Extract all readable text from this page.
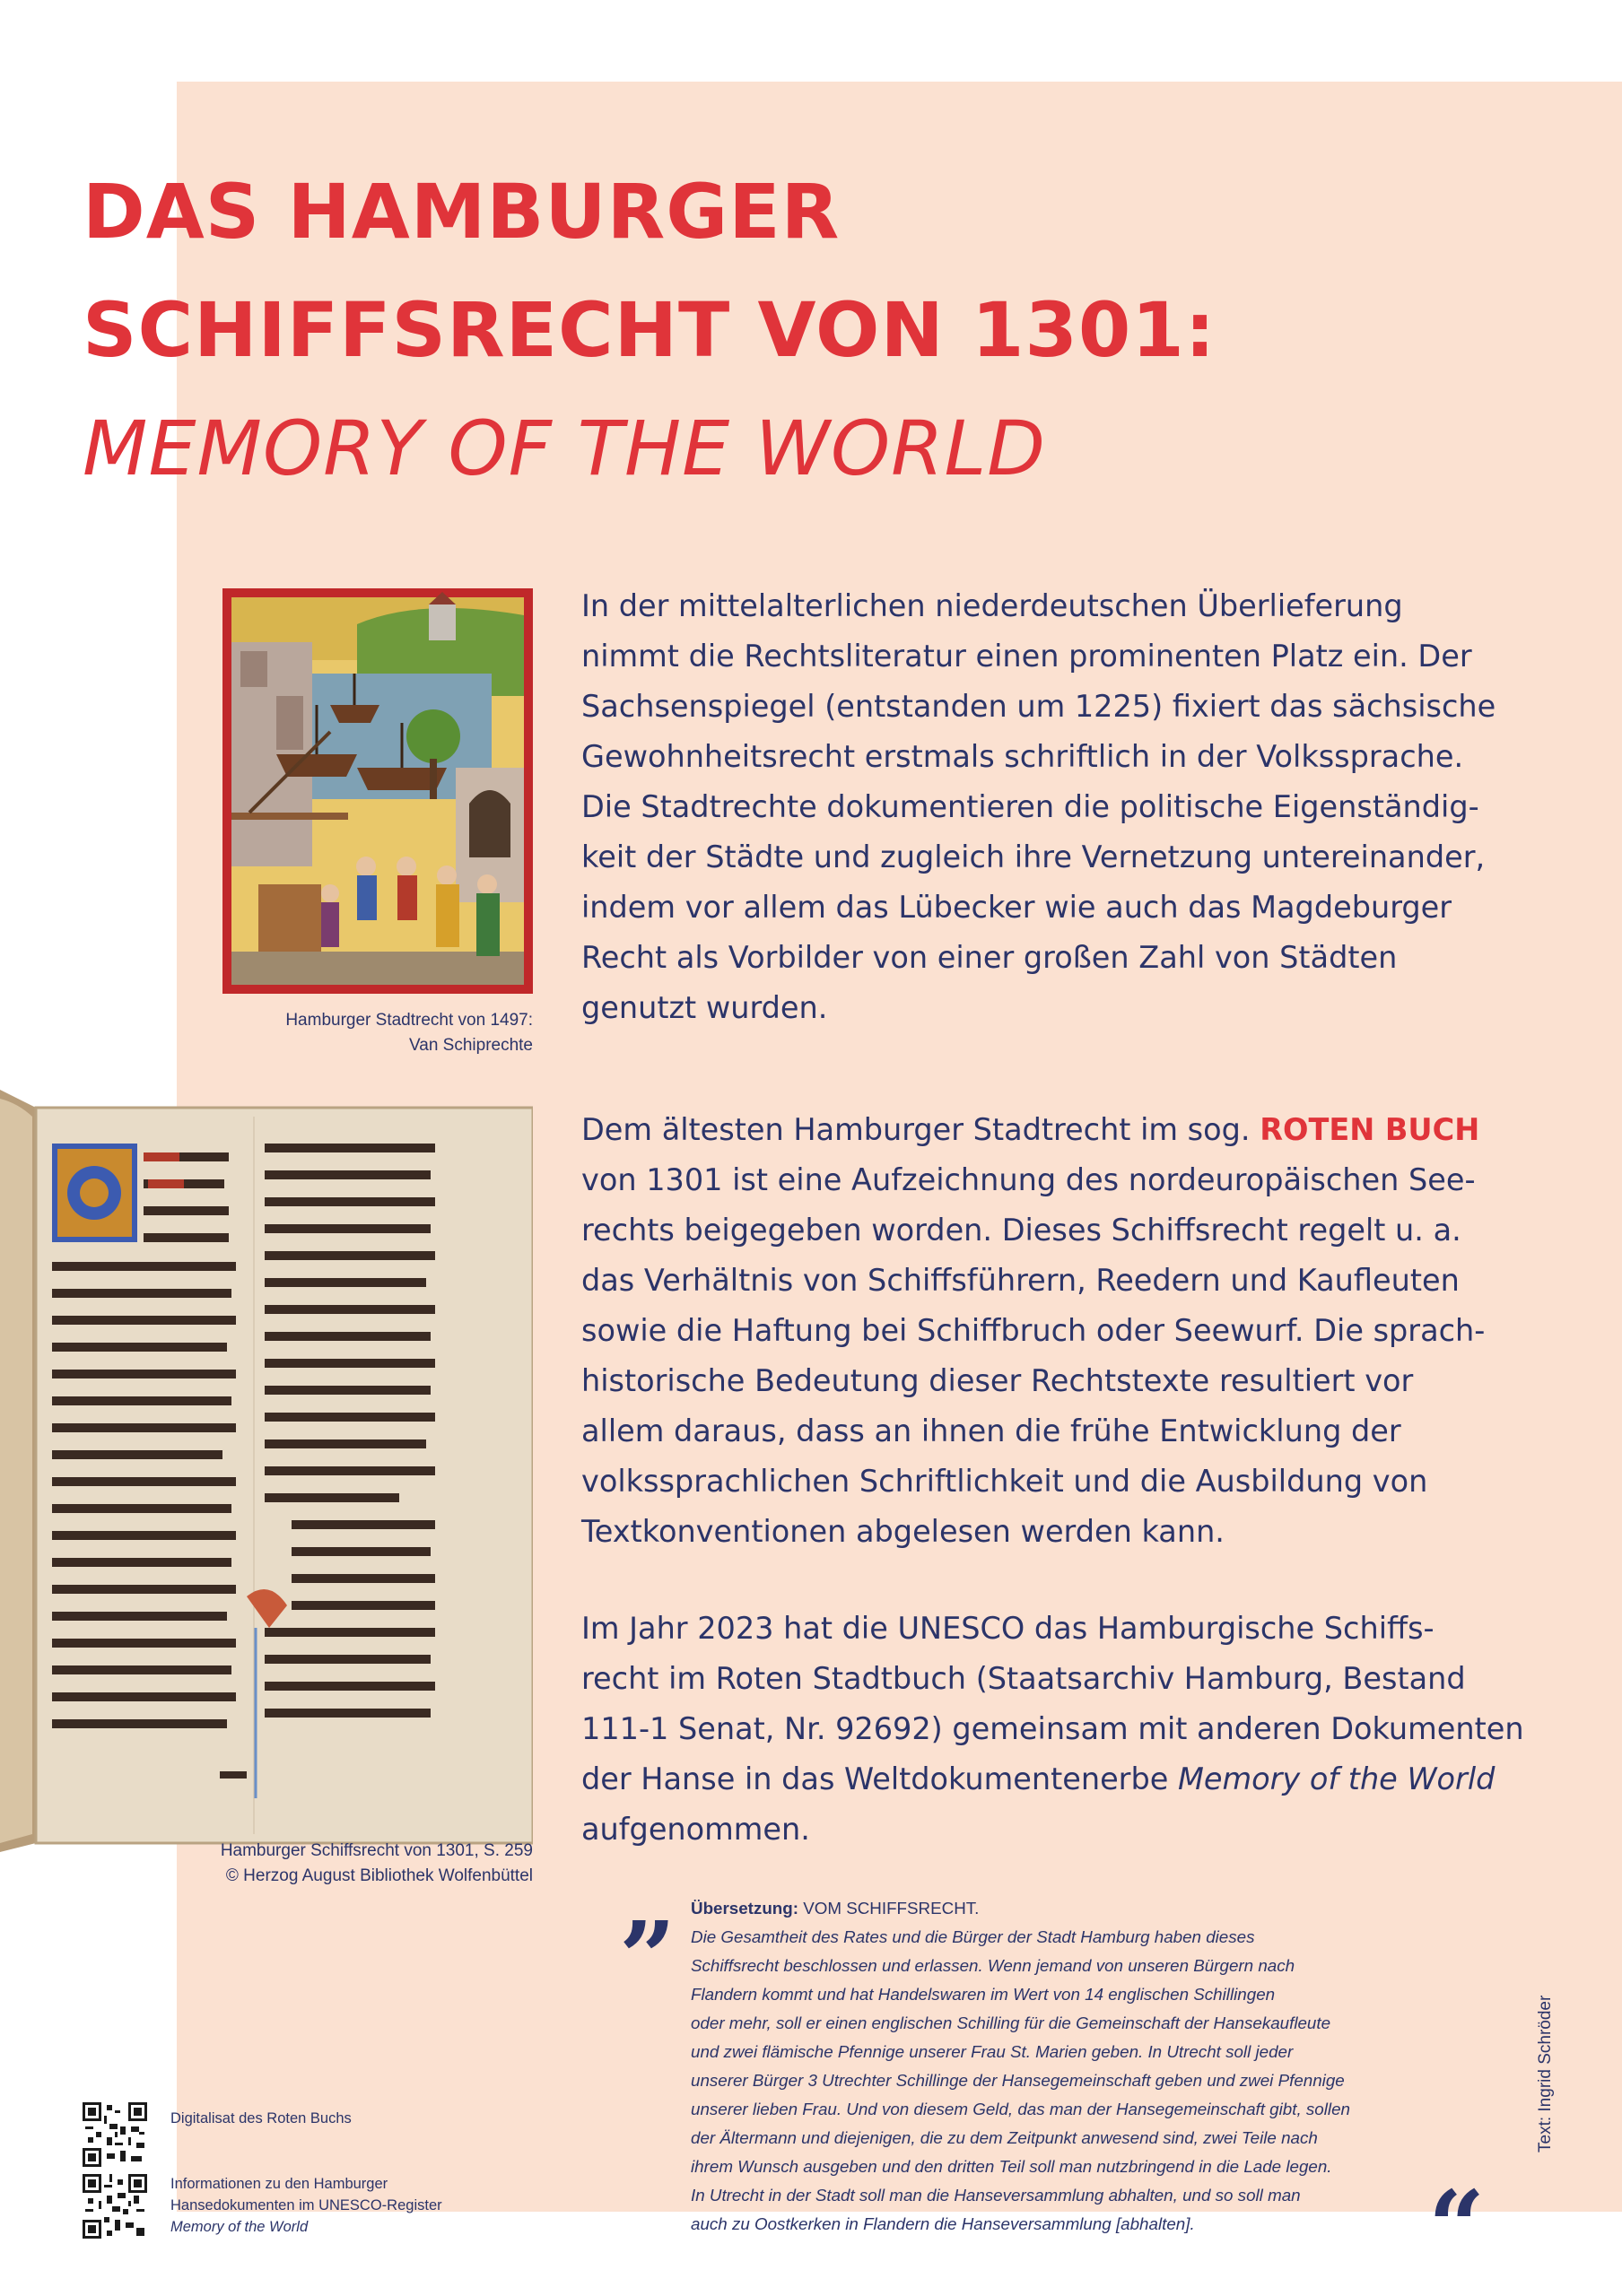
DAS HAMBURGER
SCHIFFSRECHT VON 1301:
MEMORY OF THE WORLD
Hamburger Stadtrecht von 1497:
Van Schiprechte
Hamburger Schiffsrecht von 1301, S. 259
© Herzog August Bibliothek Wolfenbüttel
In der mittelalterlichen niederdeutschen Überlieferung
nimmt die Rechtsliteratur einen prominenten Platz ein. Der
Sachsenspiegel (entstanden um 1225) fixiert das sächsische
Gewohnheitsrecht erstmals schriftlich in der Volkssprache.
Die Stadtrechte dokumentieren die politische Eigenständig-
keit der Städte und zugleich ihre Vernetzung untereinander,
indem vor allem das Lübecker wie auch das Magdeburger
Recht als Vorbilder von einer großen Zahl von Städten
genutzt wurden.
Dem ältesten Hamburger Stadtrecht im sog. ROTEN BUCH
von 1301 ist eine Aufzeichnung des nordeuropäischen See-
rechts beigegeben worden. Dieses Schiffsrecht regelt u. a.
das Verhältnis von Schiffsführern, Reedern und Kaufleuten
sowie die Haftung bei Schiffbruch oder Seewurf. Die sprach-
historische Bedeutung dieser Rechtstexte resultiert vor
allem daraus, dass an ihnen die frühe Entwicklung der
volkssprachlichen Schriftlichkeit und die Ausbildung von
Textkonventionen abgelesen werden kann.
Im Jahr 2023 hat die UNESCO das Hamburgische Schiffs-
recht im Roten Stadtbuch (Staatsarchiv Hamburg, Bestand
111-1 Senat, Nr. 92692) gemeinsam mit anderen Dokumenten
der Hanse in das Weltdokumentenerbe Memory of the World
aufgenommen.
” Übersetzung: VOM SCHIFFSRECHT.
Die Gesamtheit des Rates und die Bürger der Stadt Hamburg haben dieses
Schiffsrecht beschlossen und erlassen. Wenn jemand von unseren Bürgern nach
Flandern kommt und hat Handelswaren im Wert von 14 englischen Schillingen
oder mehr, soll er einen englischen Schilling für die Gemeinschaft der Hansekaufleute
und zwei flämische Pfennige unserer Frau St. Marien geben. In Utrecht soll jeder
unserer Bürger 3 Utrechter Schillinge der Hansegemeinschaft geben und zwei Pfennige
unserer lieben Frau. Und von diesem Geld, das man der Hansegemeinschaft gibt, sollen
der Ältermann und diejenigen, die zu dem Zeitpunkt anwesend sind, zwei Teile nach
ihrem Wunsch ausgeben und den dritten Teil soll man nutzbringend in die Lade legen.
In Utrecht in der Stadt soll man die Hanseversammlung abhalten, und so soll man
auch zu Oostkerken in Flandern die Hanseversammlung [abhalten].	“
Text: Ingrid Schröder
Digitalisat des Roten Buchs
Informationen zu den Hamburger
Hansedokumenten im UNESCO-Register
Memory of the World
